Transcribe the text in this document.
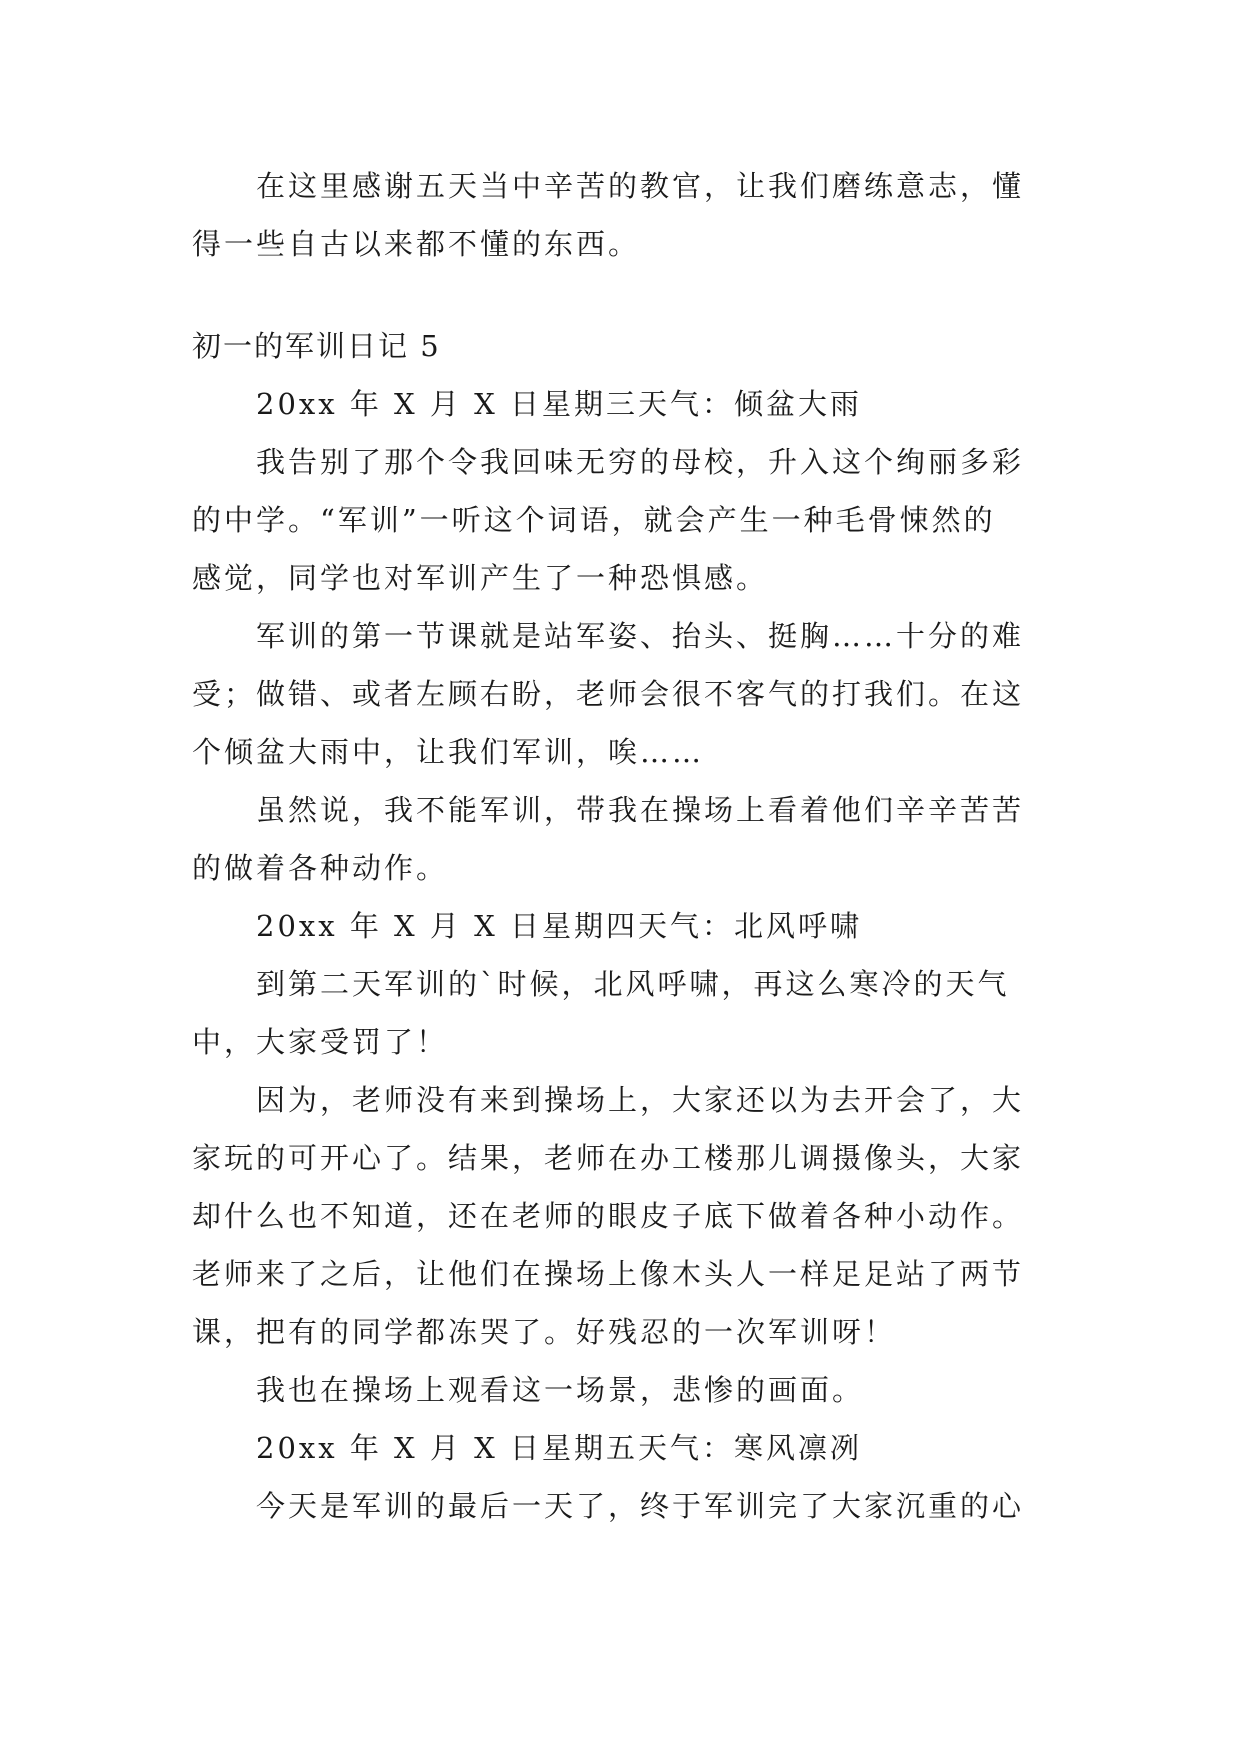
在这里感谢五天当中辛苦的教官，让我们磨练意志，懂
得一些自古以来都不懂的东西。
初一的军训日记 5
20xx 年 X 月 X 日星期三天气：倾盆大雨
我告别了那个令我回味无穷的母校，升入这个绚丽多彩
的中学。“军训”一听这个词语，就会产生一种毛骨悚然的
感觉，同学也对军训产生了一种恐惧感。
军训的第一节课就是站军姿、抬头、挺胸……十分的难
受；做错、或者左顾右盼，老师会很不客气的打我们。在这
个倾盆大雨中，让我们军训，唉……
虽然说，我不能军训，带我在操场上看着他们辛辛苦苦
的做着各种动作。
20xx 年 X 月 X 日星期四天气：北风呼啸
到第二天军训的`时候，北风呼啸，再这么寒冷的天气
中，大家受罚了！
因为，老师没有来到操场上，大家还以为去开会了，大
家玩的可开心了。结果，老师在办工楼那儿调摄像头，大家
却什么也不知道，还在老师的眼皮子底下做着各种小动作。
老师来了之后，让他们在操场上像木头人一样足足站了两节
课，把有的同学都冻哭了。好残忍的一次军训呀！
我也在操场上观看这一场景，悲惨的画面。
20xx 年 X 月 X 日星期五天气：寒风凛冽
今天是军训的最后一天了，终于军训完了大家沉重的心
